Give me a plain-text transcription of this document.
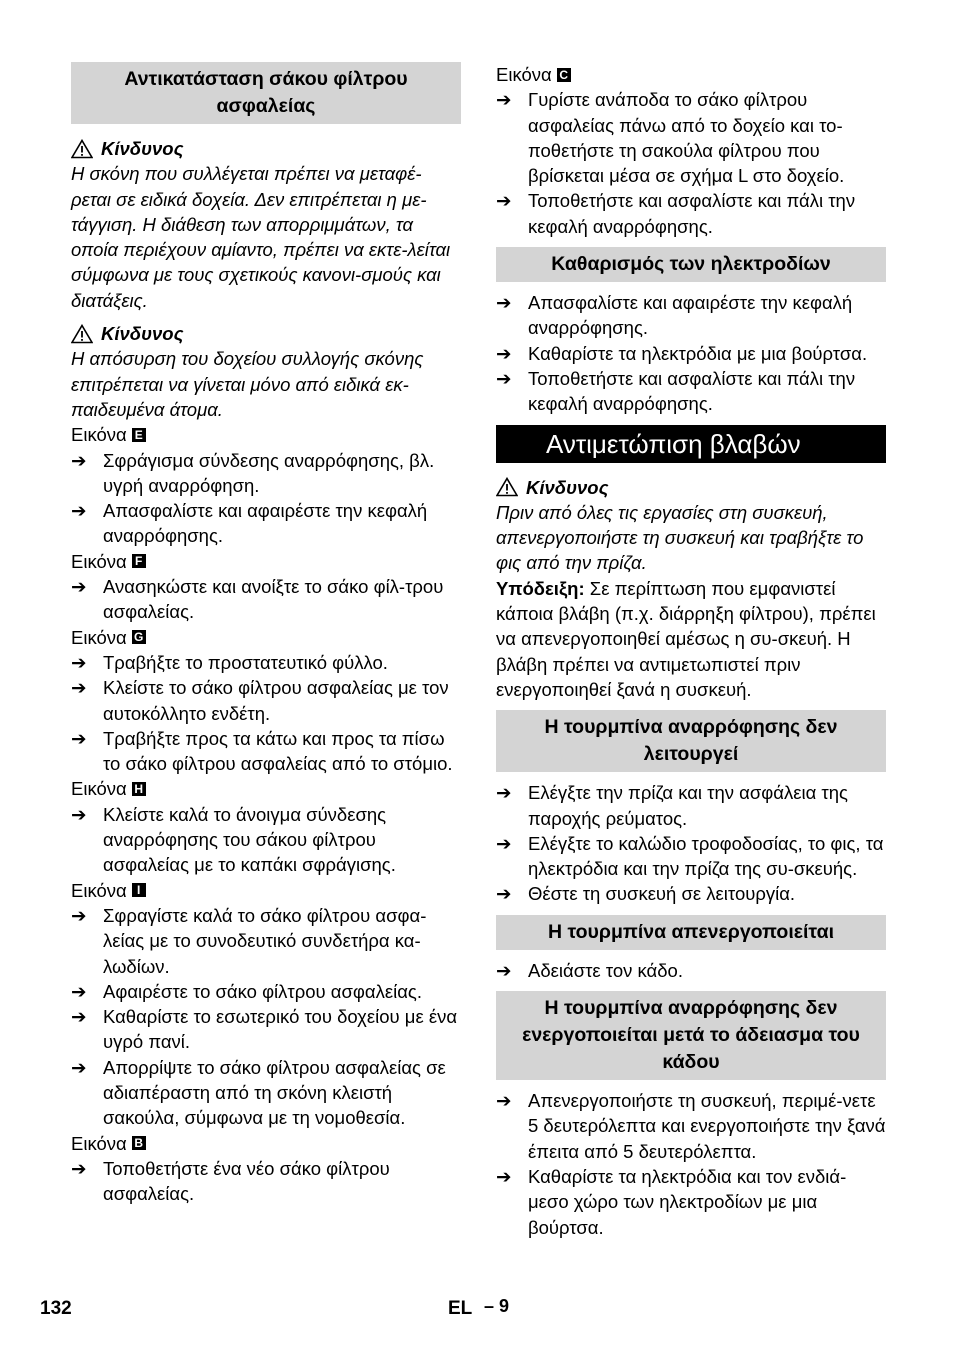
Αντικατάσταση σάκου φίλτρου ασφαλείας
Κίνδυνος
Η σκόνη που συλλέγεται πρέπει να μεταφέ-ρεται σε ειδικά δοχεία. Δεν επιτρέπεται η με-τάγγιση. Η διάθεση των απορριμμάτων, τα οποία περιέχουν αμίαντο, πρέπει να εκτε-λείται σύμφωνα με τους σχετικούς κανονι-σμούς και διατάξεις.
Κίνδυνος
Η απόσυρση του δοχείου συλλογής σκόνης επιτρέπεται να γίνεται μόνο από ειδικά εκ-παιδευμένα άτομα.
Εικόνα E
➔ Σφράγισμα σύνδεσης αναρρόφησης, βλ. υγρή αναρρόφηση.
➔ Απασφαλίστε και αφαιρέστε την κεφαλή αναρρόφησης.
Εικόνα F
➔ Ανασηκώστε και ανοίξτε το σάκο φίλ-τρου ασφαλείας.
Εικόνα G
➔ Τραβήξτε το προστατευτικό φύλλο.
➔ Κλείστε το σάκο φίλτρου ασφαλείας με τον αυτοκόλλητο ενδέτη.
➔ Τραβήξτε προς τα κάτω και προς τα πίσω το σάκο φίλτρου ασφαλείας από το στόμιο.
Εικόνα H
➔ Κλείστε καλά το άνοιγμα σύνδεσης αναρρόφησης του σάκου φίλτρου ασφαλείας με το καπάκι σφράγισης.
Εικόνα I
➔ Σφραγίστε καλά το σάκο φίλτρου ασφα-λείας με το συνοδευτικό συνδετήρα κα-λωδίων.
➔ Αφαιρέστε το σάκο φίλτρου ασφαλείας.
➔ Καθαρίστε το εσωτερικό του δοχείου με ένα υγρό πανί.
➔ Απορρίψτε το σάκο φίλτρου ασφαλείας σε αδιαπέραστη από τη σκόνη κλειστή σακούλα, σύμφωνα με τη νομοθεσία.
Εικόνα B
➔ Τοποθετήστε ένα νέο σάκο φίλτρου ασφαλείας.
Εικόνα C
➔ Γυρίστε ανάποδα το σάκο φίλτρου ασφαλείας πάνω από το δοχείο και το-ποθετήστε τη σακούλα φίλτρου που βρίσκεται μέσα σε σχήμα L στο δοχείο.
➔ Τοποθετήστε και ασφαλίστε και πάλι την κεφαλή αναρρόφησης.
Καθαρισμός των ηλεκτροδίων
➔ Απασφαλίστε και αφαιρέστε την κεφαλή αναρρόφησης.
➔ Καθαρίστε τα ηλεκτρόδια με μια βούρτσα.
➔ Τοποθετήστε και ασφαλίστε και πάλι την κεφαλή αναρρόφησης.
Αντιμετώπιση βλαβών
Κίνδυνος
Πριν από όλες τις εργασίες στη συσκευή, απενεργοποιήστε τη συσκευή και τραβήξτε το φις από την πρίζα.
Υπόδειξη: Σε περίπτωση που εμφανιστεί κάποια βλάβη (π.χ. διάρρηξη φίλτρου), πρέπει να απενεργοποιηθεί αμέσως η συ-σκευή. Η βλάβη πρέπει να αντιμετωπιστεί πριν ενεργοποιηθεί ξανά η συσκευή.
Η τουρμπίνα αναρρόφησης δεν λειτουργεί
➔ Ελέγξτε την πρίζα και την ασφάλεια της παροχής ρεύματος.
➔ Ελέγξτε το καλώδιο τροφοδοσίας, το φις, τα ηλεκτρόδια και την πρίζα της συ-σκευής.
➔ Θέστε τη συσκευή σε λειτουργία.
Η τουρμπίνα απενεργοποιείται
➔ Αδειάστε τον κάδο.
Η τουρμπίνα αναρρόφησης δεν ενεργοποιείται μετά το άδειασμα του κάδου
➔ Απενεργοποιήστε τη συσκευή, περιμέ-νετε 5 δευτερόλεπτα και ενεργοποιήστε την ξανά έπειτα από 5 δευτερόλεπτα.
➔ Καθαρίστε τα ηλεκτρόδια και τον ενδιά-μεσο χώρο των ηλεκτροδίων με μια βούρτσα.
132	EL – 9
